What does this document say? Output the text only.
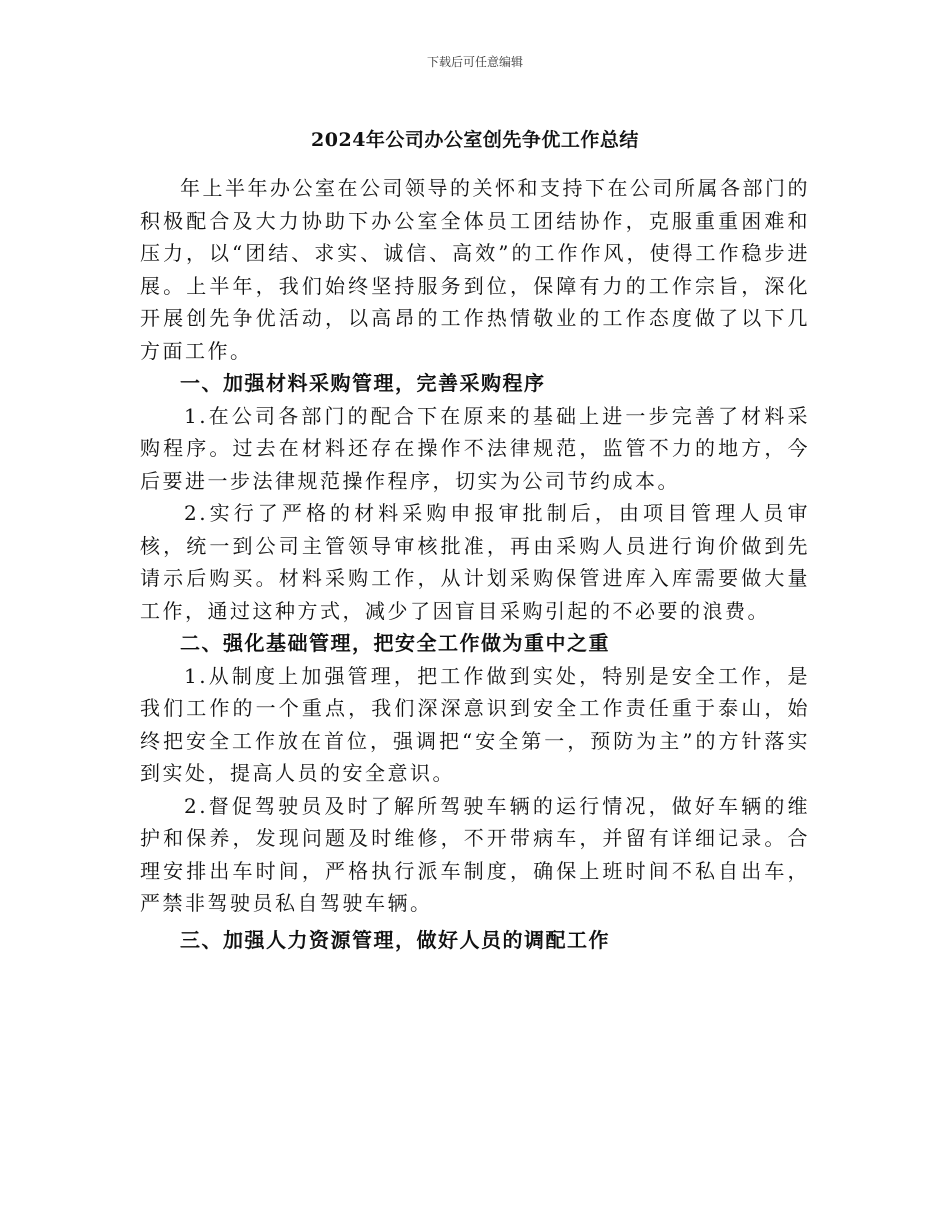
下载后可任意编辑
2024年公司办公室创先争优工作总结

年上半年办公室在公司领导的关怀和支持下在公司所属各部门的积极配合及大力协助下办公室全体员工团结协作，克服重重困难和压力，以“团结、求实、诚信、高效”的工作作风，使得工作稳步进展。上半年，我们始终坚持服务到位，保障有力的工作宗旨，深化开展创先争优活动，以高昂的工作热情敬业的工作态度做了以下几方面工作。

一、加强材料采购管理，完善采购程序

1.在公司各部门的配合下在原来的基础上进一步完善了材料采购程序。过去在材料还存在操作不法律规范，监管不力的地方，今后要进一步法律规范操作程序，切实为公司节约成本。

2.实行了严格的材料采购申报审批制后，由项目管理人员审核，统一到公司主管领导审核批准，再由采购人员进行询价做到先请示后购买。材料采购工作，从计划采购保管进库入库需要做大量工作，通过这种方式，减少了因盲目采购引起的不必要的浪费。

二、强化基础管理，把安全工作做为重中之重

1.从制度上加强管理，把工作做到实处，特别是安全工作，是我们工作的一个重点，我们深深意识到安全工作责任重于泰山，始终把安全工作放在首位，强调把“安全第一，预防为主”的方针落实到实处，提高人员的安全意识。

2.督促驾驶员及时了解所驾驶车辆的运行情况，做好车辆的维护和保养，发现问题及时维修，不开带病车，并留有详细记录。合理安排出车时间，严格执行派车制度，确保上班时间不私自出车，严禁非驾驶员私自驾驶车辆。

三、加强人力资源管理，做好人员的调配工作
